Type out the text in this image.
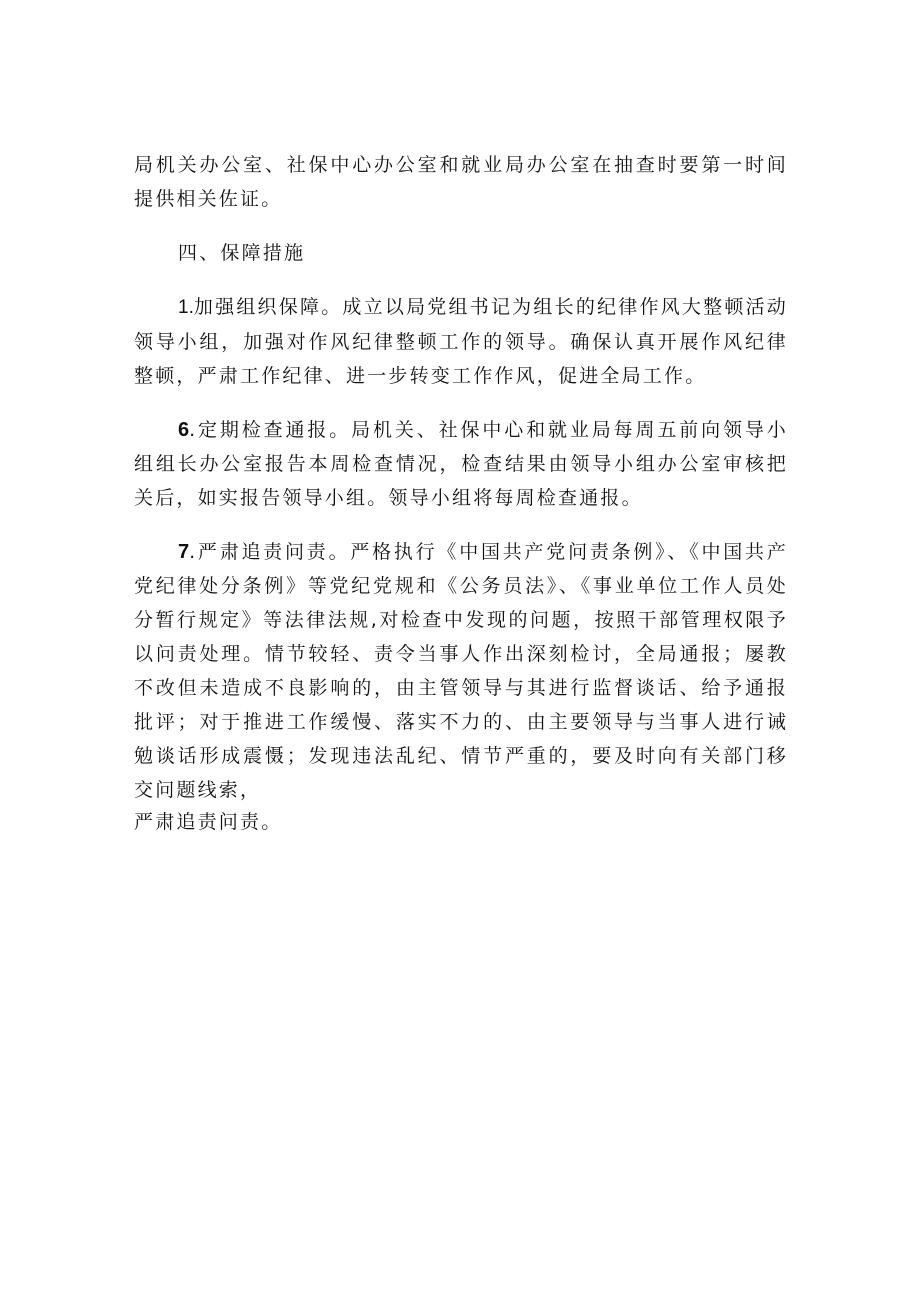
局机关办公室、社保中心办公室和就业局办公室在抽查时要第一时间提供相关佐证。

四、保障措施

1.加强组织保障。成立以局党组书记为组长的纪律作风大整顿活动领导小组，加强对作风纪律整顿工作的领导。确保认真开展作风纪律整顿，严肃工作纪律、进一步转变工作作风，促进全局工作。

6.定期检查通报。局机关、社保中心和就业局每周五前向领导小组组长办公室报告本周检查情况，检查结果由领导小组办公室审核把关后，如实报告领导小组。领导小组将每周检查通报。

7.严肃追责问责。严格执行《中国共产党问责条例》、《中国共产党纪律处分条例》等党纪党规和《公务员法》、《事业单位工作人员处分暂行规定》等法律法规,对检查中发现的问题，按照干部管理权限予以问责处理。情节较轻、责令当事人作出深刻检讨，全局通报；屡教不改但未造成不良影响的，由主管领导与其进行监督谈话、给予通报批评；对于推进工作缓慢、落实不力的、由主要领导与当事人进行诫勉谈话形成震慑；发现违法乱纪、情节严重的，要及时向有关部门移交问题线索，

严肃追责问责。
